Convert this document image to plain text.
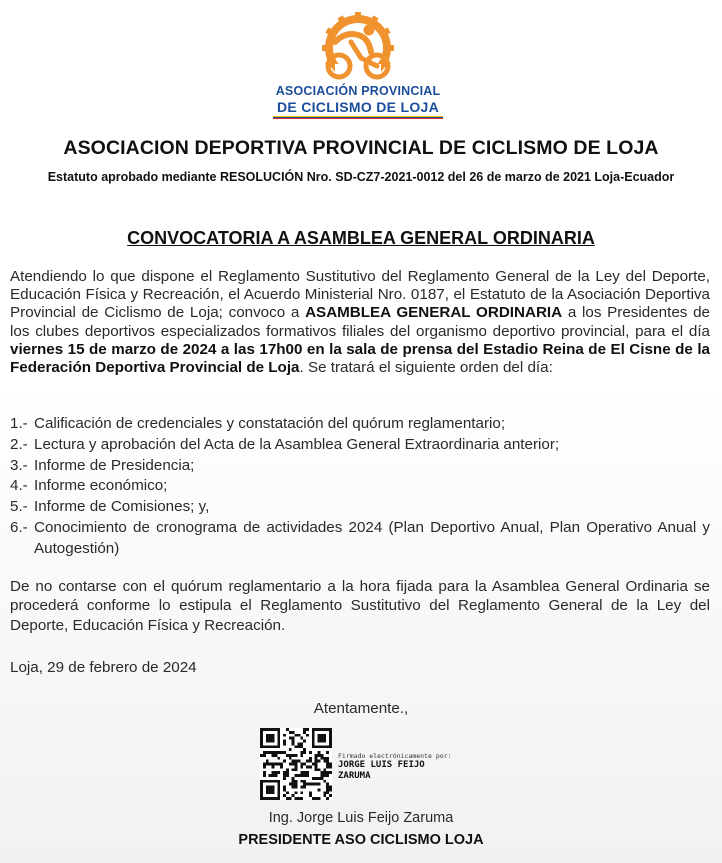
ASOCIACIÓN PROVINCIAL
DE CICLISMO DE LOJA
ASOCIACION DEPORTIVA PROVINCIAL DE CICLISMO DE LOJA
Estatuto aprobado mediante RESOLUCIÓN Nro. SD-CZ7-2021-0012 del 26 de marzo de 2021 Loja-Ecuador
CONVOCATORIA A ASAMBLEA GENERAL ORDINARIA
Atendiendo lo que dispone el Reglamento Sustitutivo del Reglamento General de la Ley del Deporte, Educación Física y Recreación, el Acuerdo Ministerial Nro. 0187, el Estatuto de la Asociación Deportiva Provincial de Ciclismo de Loja; convoco a ASAMBLEA GENERAL ORDINARIA a los Presidentes de los clubes deportivos especializados formativos filiales del organismo deportivo provincial, para el día viernes 15 de marzo de 2024 a las 17h00 en la sala de prensa del Estadio Reina de El Cisne de la Federación Deportiva Provincial de Loja. Se tratará el siguiente orden del día:
1.- Calificación de credenciales y constatación del quórum reglamentario;
2.- Lectura y aprobación del Acta de la Asamblea General Extraordinaria anterior;
3.- Informe de Presidencia;
4.- Informe económico;
5.- Informe de Comisiones; y,
6.- Conocimiento de cronograma de actividades 2024 (Plan Deportivo Anual, Plan Operativo Anual y Autogestión)
De no contarse con el quórum reglamentario a la hora fijada para la Asamblea General Ordinaria se procederá conforme lo estipula el Reglamento Sustitutivo del Reglamento General de la Ley del Deporte, Educación Física y Recreación.
Loja, 29 de febrero de 2024
Atentamente.,
Firmado electrónicamente por:
JORGE LUIS FEIJO ZARUMA
Ing. Jorge Luis Feijo Zaruma
PRESIDENTE ASO CICLISMO LOJA
